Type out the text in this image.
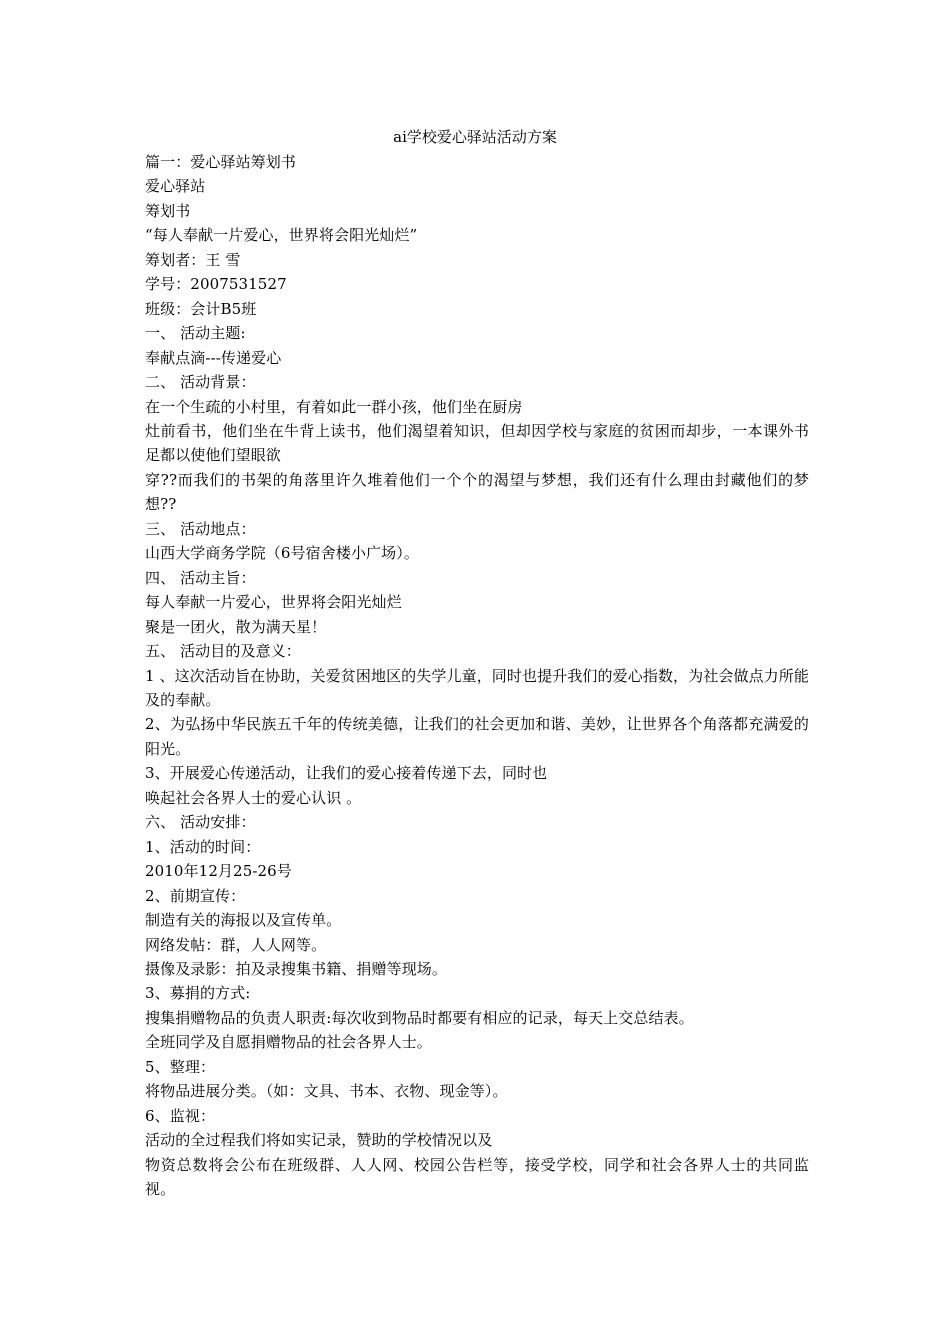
ai学校爱心驿站活动方案
篇一：爱心驿站筹划书
爱心驿站
筹划书
“每人奉献一片爱心，世界将会阳光灿烂”
筹划者：王 雪
学号：2007531527
班级：会计B5班
一、 活动主题:
奉献点滴---传递爱心
二、 活动背景：
在一个生疏的小村里，有着如此一群小孩，他们坐在厨房
灶前看书，他们坐在牛背上读书，他们渴望着知识，但却因学校与家庭的贫困而却步，一本课外书足都以使他们望眼欲
穿??而我们的书架的角落里许久堆着他们一个个的渴望与梦想，我们还有什么理由封藏他们的梦想??
三、 活动地点：
山西大学商务学院（6号宿舍楼小广场）。
四、 活动主旨：
每人奉献一片爱心，世界将会阳光灿烂
聚是一团火，散为满天星！
五、 活动目的及意义：
1 、这次活动旨在协助，关爱贫困地区的失学儿童，同时也提升我们的爱心指数，为社会做点力所能及的奉献。
2、为弘扬中华民族五千年的传统美德，让我们的社会更加和谐、美妙，让世界各个角落都充满爱的阳光。
3、开展爱心传递活动，让我们的爱心接着传递下去，同时也
唤起社会各界人士的爱心认识 。
六、 活动安排：
1、活动的时间：
2010年12月25-26号
2、前期宣传：
制造有关的海报以及宣传单。
网络发帖：群，人人网等。
摄像及录影：拍及录搜集书籍、捐赠等现场。
3、募捐的方式:
搜集捐赠物品的负责人职责:每次收到物品时都要有相应的记录，每天上交总结表。
全班同学及自愿捐赠物品的社会各界人士。
5、整理：
将物品进展分类。（如：文具、书本、衣物、现金等）。
6、监视：
活动的全过程我们将如实记录，赞助的学校情况以及
物资总数将会公布在班级群、人人网、校园公告栏等，接受学校，同学和社会各界人士的共同监视。
